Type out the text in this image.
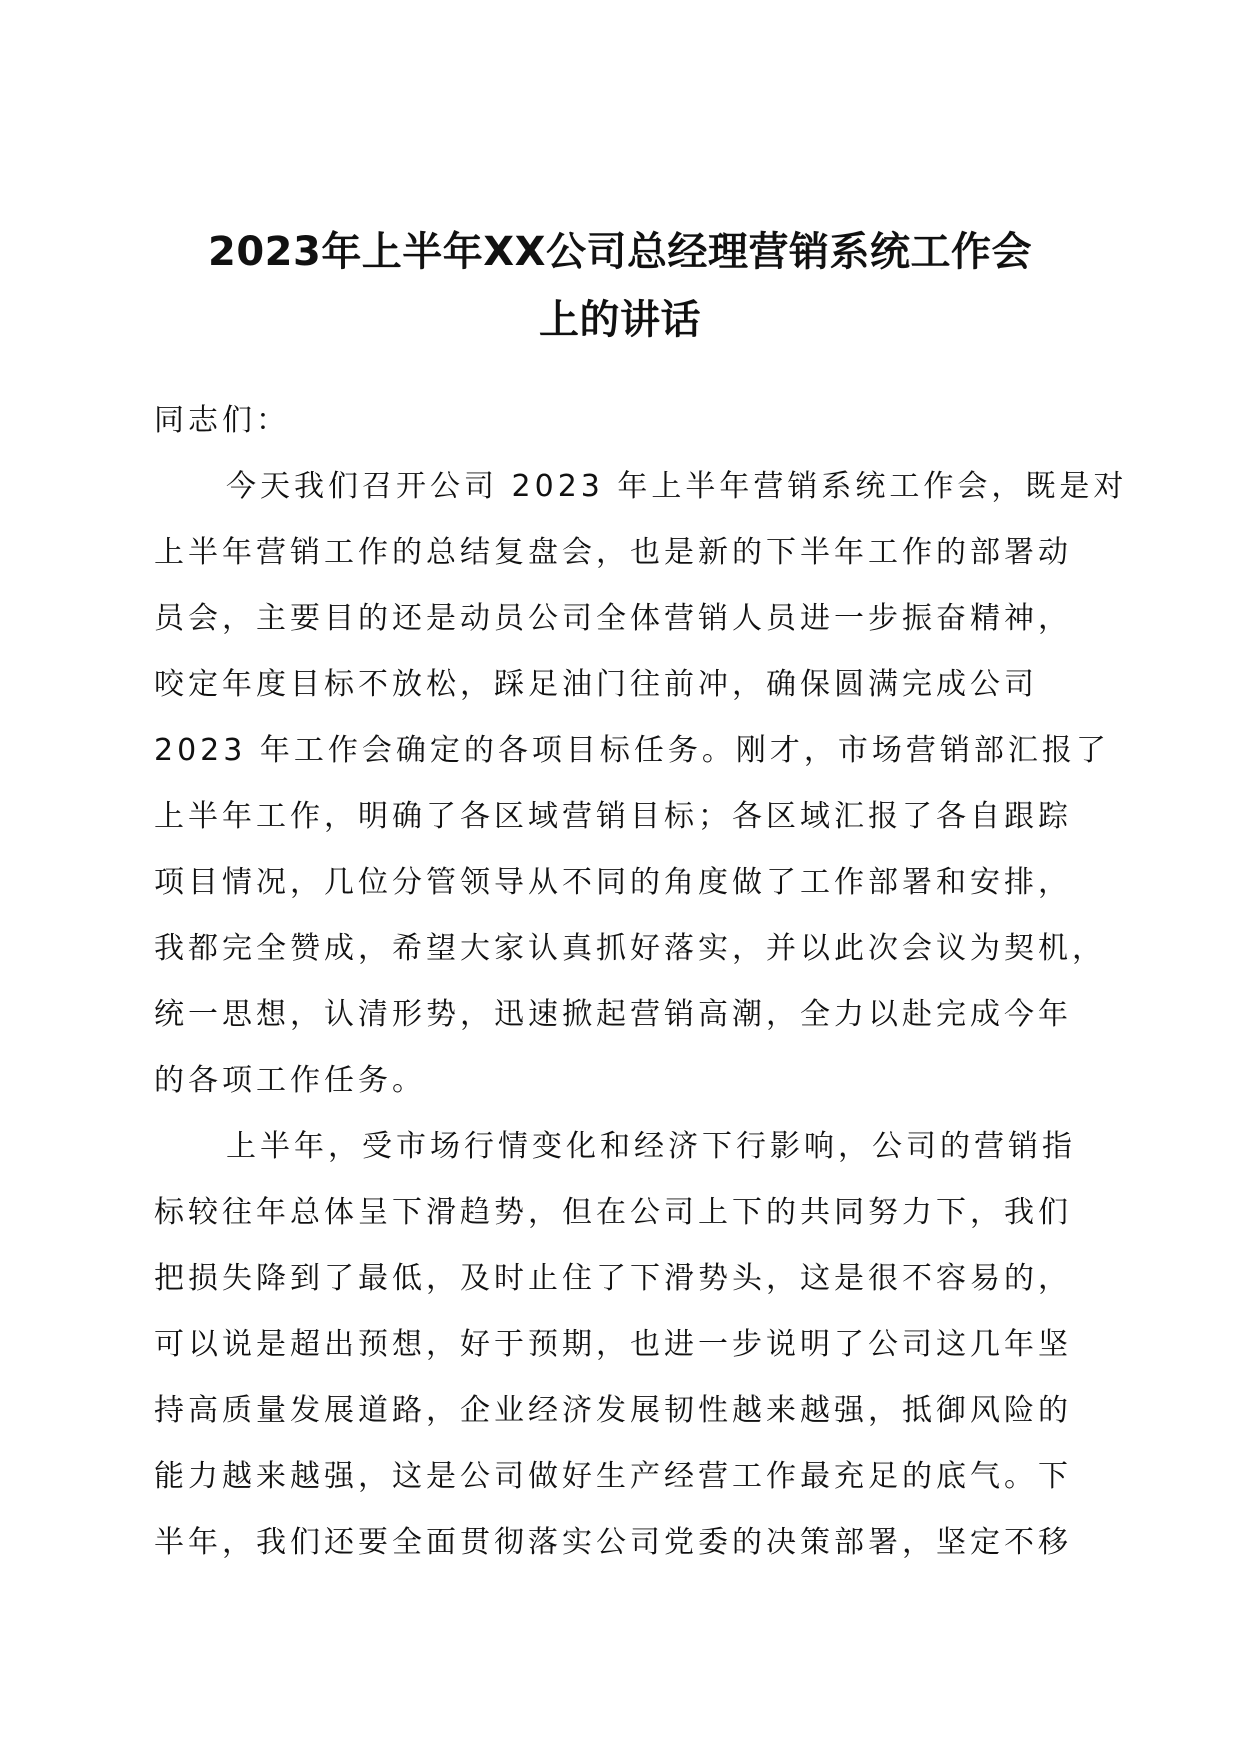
2023年上半年XX公司总经理营销系统工作会
上的讲话
同志们：
今天我们召开公司 2023 年上半年营销系统工作会，既是对
上半年营销工作的总结复盘会，也是新的下半年工作的部署动
员会，主要目的还是动员公司全体营销人员进一步振奋精神，
咬定年度目标不放松，踩足油门往前冲，确保圆满完成公司
2023 年工作会确定的各项目标任务。刚才，市场营销部汇报了
上半年工作，明确了各区域营销目标；各区域汇报了各自跟踪
项目情况，几位分管领导从不同的角度做了工作部署和安排，
我都完全赞成，希望大家认真抓好落实，并以此次会议为契机，
统一思想，认清形势，迅速掀起营销高潮，全力以赴完成今年
的各项工作任务。
上半年，受市场行情变化和经济下行影响，公司的营销指
标较往年总体呈下滑趋势，但在公司上下的共同努力下，我们
把损失降到了最低，及时止住了下滑势头，这是很不容易的，
可以说是超出预想，好于预期，也进一步说明了公司这几年坚
持高质量发展道路，企业经济发展韧性越来越强，抵御风险的
能力越来越强，这是公司做好生产经营工作最充足的底气。下
半年，我们还要全面贯彻落实公司党委的决策部署，坚定不移
